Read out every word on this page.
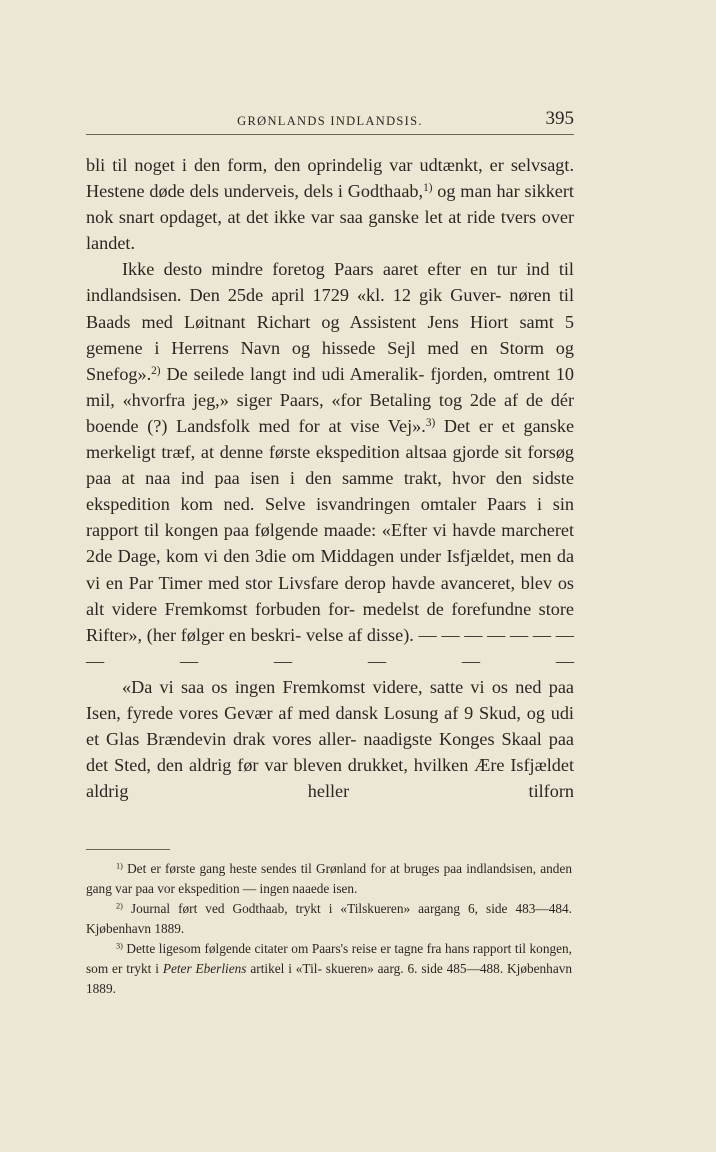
GRØNLANDS INDLANDSIS.	395

bli til noget i den form, den oprindelig var udtænkt, er selvsagt. Hestene døde dels underveis, dels i Godthaab,$^{1)}$ og man har sikkert nok snart opdaget, at det ikke var saa ganske let at ride tvers over landet.

Ikke desto mindre foretog Paars aaret efter en tur ind til indlandsisen. Den 25de april 1729 «kl. 12 gik Guver- nøren til Baads med Løitnant Richart og Assistent Jens Hiort samt 5 gemene i Herrens Navn og hissede Sejl med en Storm og Snefog».$^{2)}$ De seilede langt ind udi Ameralik- fjorden, omtrent 10 mil, «hvorfra jeg,» siger Paars, «for Betaling tog 2de af de dér boende (?) Landsfolk med for at vise Vej».$^{3)}$ Det er et ganske merkeligt træf, at denne første ekspedition altsaa gjorde sit forsøg paa at naa ind paa isen i den samme trakt, hvor den sidste ekspedition kom ned. Selve isvandringen omtaler Paars i sin rapport til kongen paa følgende maade: «Efter vi havde marcheret 2de Dage, kom vi den 3die om Middagen under Isfjældet, men da vi en Par Timer med stor Livsfare derop havde avanceret, blev os alt videre Fremkomst forbuden for- medelst de forefundne store Rifter», (her følger en beskri- velse af disse). — — — — — — — — — — — — —

«Da vi saa os ingen Fremkomst videre, satte vi os ned paa Isen, fyrede vores Gevær af med dansk Losung af 9 Skud, og udi et Glas Brændevin drak vores aller- naadigste Konges Skaal paa det Sted, den aldrig før var bleven drukket, hvilken Ære Isfjældet aldrig heller tilforn

$^{1)}$ Det er første gang heste sendes til Grønland for at bruges paa indlandsisen, anden gang var paa vor ekspedition — ingen naaede isen.

$^{2)}$ Journal ført ved Godthaab, trykt i «Tilskueren» aargang 6, side 483—484. Kjøbenhavn 1889.

$^{3)}$ Dette ligesom følgende citater om Paars's reise er tagne fra hans rapport til kongen, som er trykt i Peter Eberliens artikel i «Til- skueren» aarg. 6. side 485—488. Kjøbenhavn 1889.
